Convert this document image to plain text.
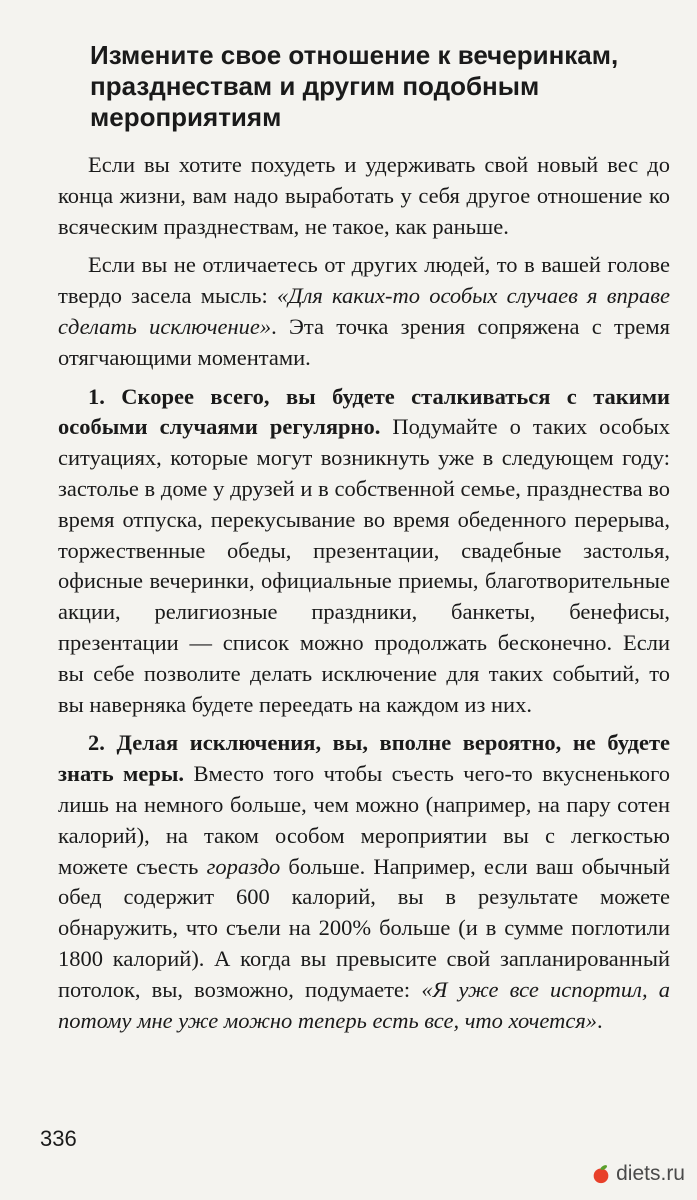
Измените свое отношение к вечеринкам, празднествам и другим подобным мероприятиям

Если вы хотите похудеть и удерживать свой новый вес до конца жизни, вам надо выработать у себя другое отношение ко всяческим празднествам, не такое, как раньше.

Если вы не отличаетесь от других людей, то в вашей голове твердо засела мысль: «Для каких-то особых случаев я вправе сделать исключение». Эта точка зрения сопряжена с тремя отягчающими моментами.

1. Скорее всего, вы будете сталкиваться с такими особыми случаями регулярно. Подумайте о таких особых ситуациях, которые могут возникнуть уже в следующем году: застолье в доме у друзей и в собственной семье, празднества во время отпуска, перекусывание во время обеденного перерыва, торжественные обеды, презентации, свадебные застолья, офисные вечеринки, официальные приемы, благотворительные акции, религиозные праздники, банкеты, бенефисы, презентации — список можно продолжать бесконечно. Если вы себе позволите делать исключение для таких событий, то вы наверняка будете переедать на каждом из них.

2. Делая исключения, вы, вполне вероятно, не будете знать меры. Вместо того чтобы съесть чего-то вкусненького лишь на немного больше, чем можно (например, на пару сотен калорий), на таком особом мероприятии вы с легкостью можете съесть гораздо больше. Например, если ваш обычный обед содержит 600 калорий, вы в результате можете обнаружить, что съели на 200% больше (и в сумме поглотили 1800 калорий). А когда вы превысите свой запланированный потолок, вы, возможно, подумаете: «Я уже все испортил, а потому мне уже можно теперь есть все, что хочется».

336
diets.ru
